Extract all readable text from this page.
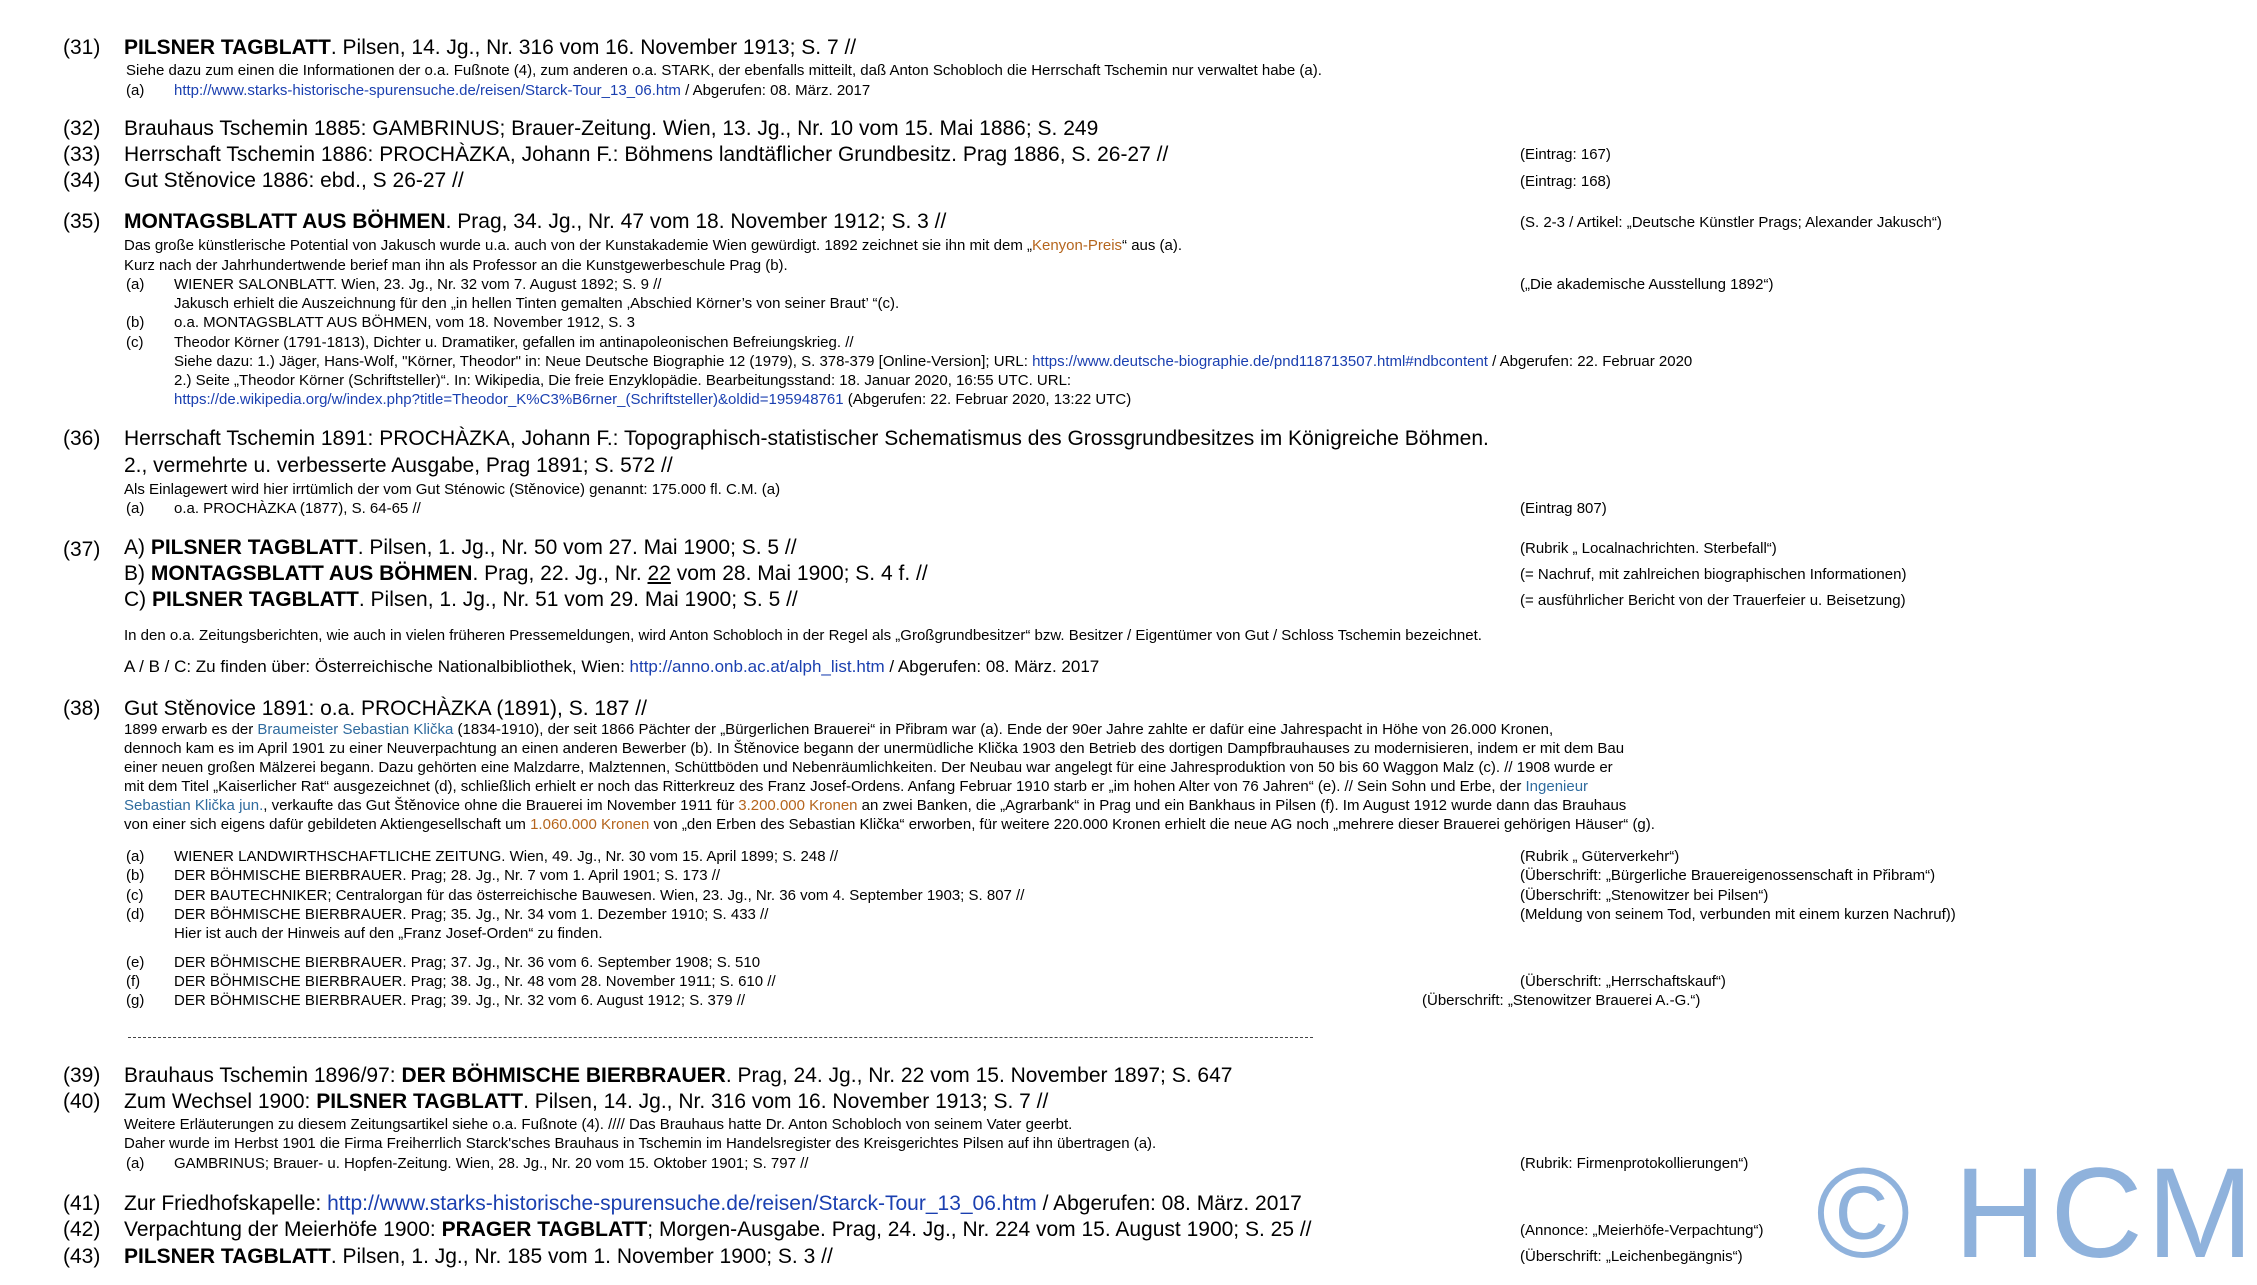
(31) PILSNER TAGBLATT. Pilsen, 14. Jg., Nr. 316 vom 16. November 1913; S. 7 //
Siehe dazu zum einen die Informationen der o.a. Fußnote (4), zum anderen o.a. STARK, der ebenfalls mitteilt, daß Anton Schobloch die Herrschaft Tschemin nur verwaltet habe (a).
(a) http://www.starks-historische-spurensuche.de/reisen/Starck-Tour_13_06.htm / Abgerufen: 08. März. 2017
(32) Brauhaus Tschemin 1885: GAMBRINUS; Brauer-Zeitung. Wien, 13. Jg., Nr. 10 vom 15. Mai 1886; S. 249
(33) Herrschaft Tschemin 1886: PROCHÀZKA, Johann F.: Böhmens landtäflicher Grundbesitz. Prag 1886, S. 26-27 //	(Eintrag: 167)
(34) Gut Stěnovice 1886: ebd., S 26-27 //	(Eintrag: 168)
(35) MONTAGSBLATT AUS BÖHMEN. Prag, 34. Jg., Nr. 47 vom 18. November 1912; S. 3 //	(S. 2-3 / Artikel: „Deutsche Künstler Prags; Alexander Jakusch“)
Das große künstlerische Potential von Jakusch wurde u.a. auch von der Kunstakademie Wien gewürdigt. 1892 zeichnet sie ihn mit dem „Kenyon-Preis“ aus (a).
Kurz nach der Jahrhundertwende berief man ihn als Professor an die Kunstgewerbeschule Prag (b).
(a) WIENER SALONBLATT. Wien, 23. Jg., Nr. 32 vom 7. August 1892; S. 9 //	(„Die akademische Ausstellung 1892“)
Jakusch erhielt die Auszeichnung für den „in hellen Tinten gemalten ‚Abschied Körner’s von seiner Braut’ “(c).
(b) o.a. MONTAGSBLATT AUS BÖHMEN, vom 18. November 1912, S. 3
(c) Theodor Körner (1791-1813), Dichter u. Dramatiker, gefallen im antinapoleonischen Befreiungskrieg. //
Siehe dazu: 1.) Jäger, Hans-Wolf, "Körner, Theodor" in: Neue Deutsche Biographie 12 (1979), S. 378-379 [Online-Version]; URL: https://www.deutsche-biographie.de/pnd118713507.html#ndbcontent / Abgerufen: 22. Februar 2020
2.) Seite „Theodor Körner (Schriftsteller)“. In: Wikipedia, Die freie Enzyklopädie. Bearbeitungsstand: 18. Januar 2020, 16:55 UTC. URL:
https://de.wikipedia.org/w/index.php?title=Theodor_K%C3%B6rner_(Schriftsteller)&oldid=195948761 (Abgerufen: 22. Februar 2020, 13:22 UTC)
(36) Herrschaft Tschemin 1891: PROCHÀZKA, Johann F.: Topographisch-statistischer Schematismus des Grossgrundbesitzes im Königreiche Böhmen.
2., vermehrte u. verbesserte Ausgabe, Prag 1891; S. 572 //
Als Einlagewert wird hier irrtümlich der vom Gut Sténowic (Stěnovice) genannt: 175.000 fl. C.M. (a)
(a) o.a. PROCHÀZKA (1877), S. 64-65 //	(Eintrag 807)
(37) A) PILSNER TAGBLATT. Pilsen, 1. Jg., Nr. 50 vom 27. Mai 1900; S. 5 //	(Rubrik „ Localnachrichten. Sterbefall“)
B) MONTAGSBLATT AUS BÖHMEN. Prag, 22. Jg., Nr. 22 vom 28. Mai 1900; S. 4 f. //	(= Nachruf, mit zahlreichen biographischen Informationen)
C) PILSNER TAGBLATT. Pilsen, 1. Jg., Nr. 51 vom 29. Mai 1900; S. 5 //	(= ausführlicher Bericht von der Trauerfeier u. Beisetzung)
In den o.a. Zeitungsberichten, wie auch in vielen früheren Pressemeldungen, wird Anton Schobloch in der Regel als „Großgrundbesitzer“ bzw. Besitzer / Eigentümer von Gut / Schloss Tschemin bezeichnet.
A / B / C: Zu finden über: Österreichische Nationalbibliothek, Wien: http://anno.onb.ac.at/alph_list.htm / Abgerufen: 08. März. 2017
(38) Gut Stěnovice 1891: o.a. PROCHÀZKA (1891), S. 187 //
1899 erwarb es der Braumeister Sebastian Klička (1834-1910), der seit 1866 Pächter der „Bürgerlichen Brauerei“ in Přibram war (a). Ende der 90er Jahre zahlte er dafür eine Jahrespacht in Höhe von 26.000 Kronen,
dennoch kam es im April 1901 zu einer Neuverpachtung an einen anderen Bewerber (b). In Štěnovice begann der unermüdliche Klička 1903 den Betrieb des dortigen Dampfbrauhauses zu modernisieren, indem er mit dem Bau
einer neuen großen Mälzerei begann. Dazu gehörten eine Malzdarre, Malztennen, Schüttböden und Nebenräumlichkeiten. Der Neubau war angelegt für eine Jahresproduktion von 50 bis 60 Waggon Malz (c). // 1908 wurde er
mit dem Titel „Kaiserlicher Rat“ ausgezeichnet (d), schließlich erhielt er noch das Ritterkreuz des Franz Josef-Ordens. Anfang Februar 1910 starb er „im hohen Alter von 76 Jahren“ (e). // Sein Sohn und Erbe, der Ingenieur
Sebastian Klička jun., verkaufte das Gut Štěnovice ohne die Brauerei im November 1911 für 3.200.000 Kronen an zwei Banken, die „Agrarbank“ in Prag und ein Bankhaus in Pilsen (f). Im August 1912 wurde dann das Brauhaus
von einer sich eigens dafür gebildeten Aktiengesellschaft um 1.060.000 Kronen von „den Erben des Sebastian Klička“ erworben, für weitere 220.000 Kronen erhielt die neue AG noch „mehrere dieser Brauerei gehörigen Häuser“ (g).
(a) WIENER LANDWIRTHSCHAFTLICHE ZEITUNG. Wien, 49. Jg., Nr. 30 vom 15. April 1899; S. 248 //	(Rubrik „ Güterverkehr“)
(b) DER BÖHMISCHE BIERBRAUER. Prag; 28. Jg., Nr. 7 vom 1. April 1901; S. 173 //	(Überschrift: „Bürgerliche Brauereigenossenschaft in Přibram“)
(c) DER BAUTECHNIKER; Centralorgan für das österreichische Bauwesen. Wien, 23. Jg., Nr. 36 vom 4. September 1903; S. 807 //	(Überschrift: „Stenowitzer bei Pilsen“)
(d) DER BÖHMISCHE BIERBRAUER. Prag; 35. Jg., Nr. 34 vom 1. Dezember 1910; S. 433 //	(Meldung von seinem Tod, verbunden mit einem kurzen Nachruf))
Hier ist auch der Hinweis auf den „Franz Josef-Orden“ zu finden.
(e) DER BÖHMISCHE BIERBRAUER. Prag; 37. Jg., Nr. 36 vom 6. September 1908; S. 510
(f) DER BÖHMISCHE BIERBRAUER. Prag; 38. Jg., Nr. 48 vom 28. November 1911; S. 610 //	(Überschrift: „Herrschaftskauf“)
(g) DER BÖHMISCHE BIERBRAUER. Prag; 39. Jg., Nr. 32 vom 6. August 1912; S. 379 //	(Überschrift: „Stenowitzer Brauerei A.-G.“)
(39) Brauhaus Tschemin 1896/97: DER BÖHMISCHE BIERBRAUER. Prag, 24. Jg., Nr. 22 vom 15. November 1897; S. 647
(40) Zum Wechsel 1900: PILSNER TAGBLATT. Pilsen, 14. Jg., Nr. 316 vom 16. November 1913; S. 7 //
Weitere Erläuterungen zu diesem Zeitungsartikel siehe o.a. Fußnote (4). //// Das Brauhaus hatte Dr. Anton Schobloch von seinem Vater geerbt.
Daher wurde im Herbst 1901 die Firma Freiherrlich Starck'sches Brauhaus in Tschemin im Handelsregister des Kreisgerichtes Pilsen auf ihn übertragen (a).
(a) GAMBRINUS; Brauer- u. Hopfen-Zeitung. Wien, 28. Jg., Nr. 20 vom 15. Oktober 1901; S. 797 //	(Rubrik: Firmenprotokollierungen“)
(41) Zur Friedhofskapelle: http://www.starks-historische-spurensuche.de/reisen/Starck-Tour_13_06.htm / Abgerufen: 08. März. 2017
(42) Verpachtung der Meierhöfe 1900: PRAGER TAGBLATT; Morgen-Ausgabe. Prag, 24. Jg., Nr. 224 vom 15. August 1900; S. 25 //	(Annonce: „Meierhöfe-Verpachtung“)
(43) PILSNER TAGBLATT. Pilsen, 1. Jg., Nr. 185 vom 1. November 1900; S. 3 //	(Überschrift: „Leichenbegängnis“) © HCM
